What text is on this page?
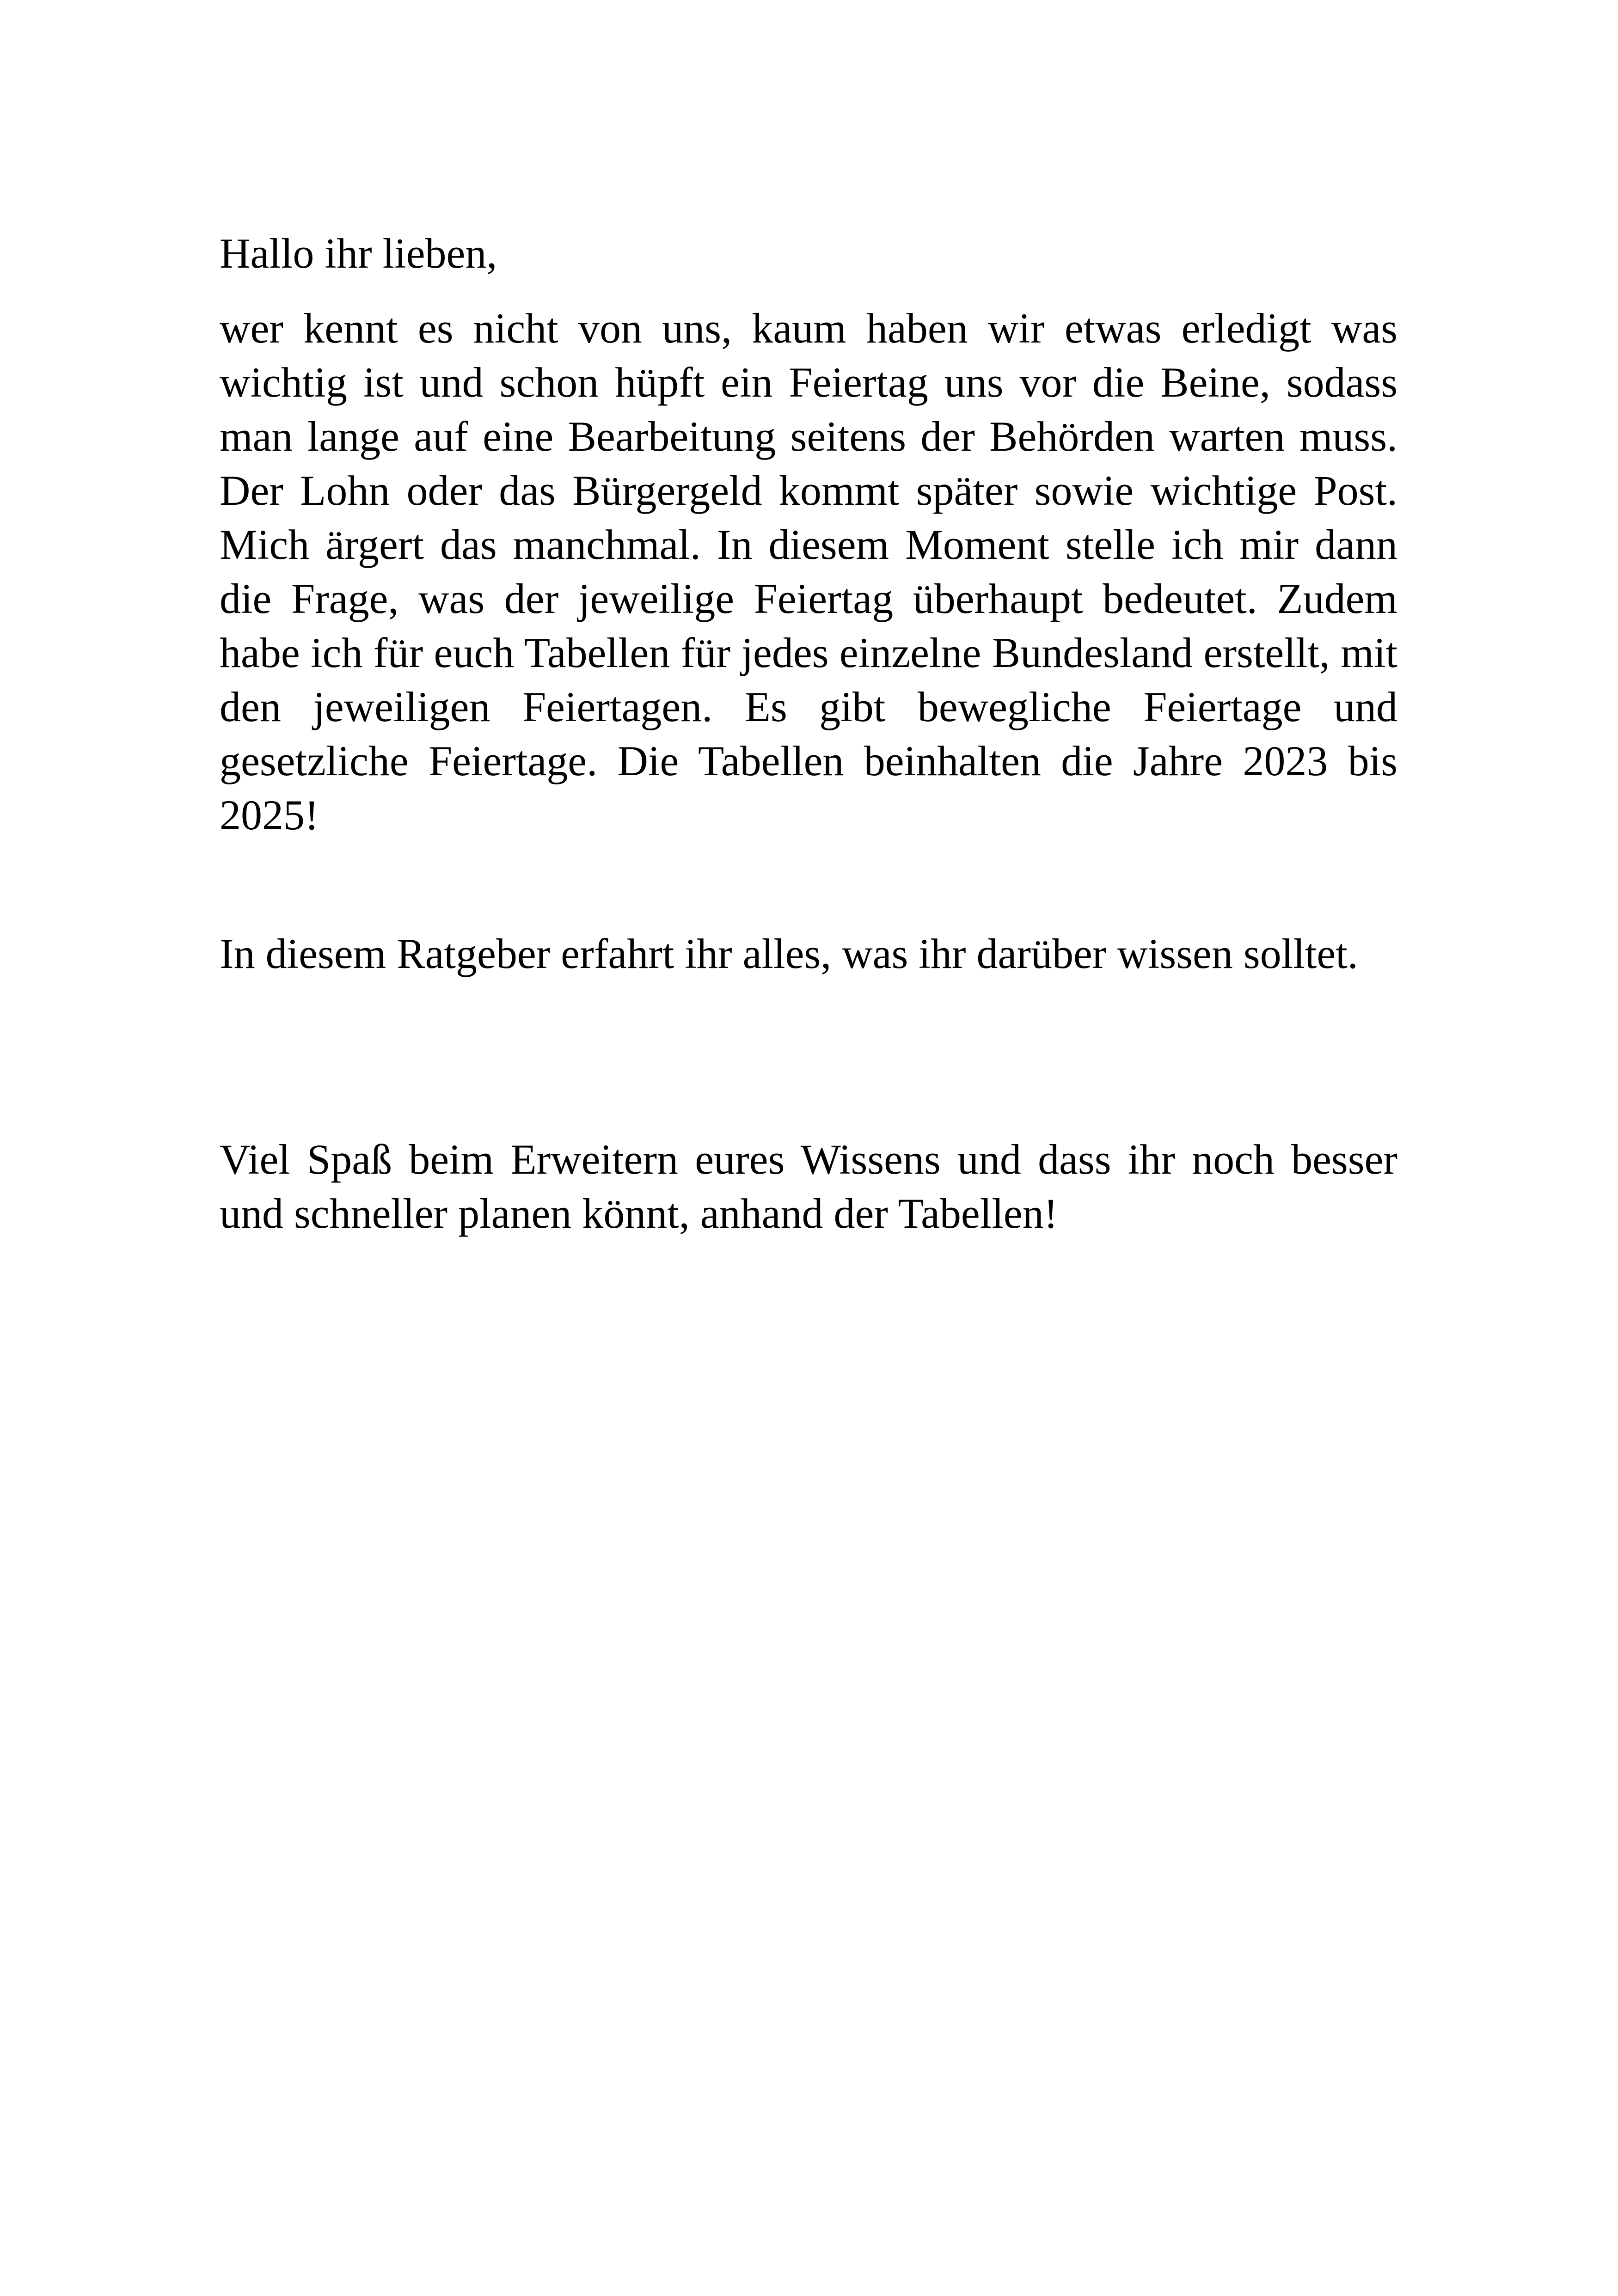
Hallo ihr lieben,

wer kennt es nicht von uns, kaum haben wir etwas erledigt was wichtig ist und schon hüpft ein Feiertag uns vor die Beine, sodass man lange auf eine Bearbeitung seitens der Behörden warten muss. Der Lohn oder das Bürgergeld kommt später sowie wichtige Post. Mich ärgert das manchmal. In diesem Moment stelle ich mir dann die Frage, was der jeweilige Feiertag überhaupt bedeutet. Zudem habe ich für euch Tabellen für jedes einzelne Bundesland erstellt, mit den jeweiligen Feiertagen. Es gibt bewegliche Feiertage und gesetzliche Feiertage. Die Tabellen beinhalten die Jahre 2023 bis 2025!

In diesem Ratgeber erfahrt ihr alles, was ihr darüber wissen solltet.

Viel Spaß beim Erweitern eures Wissens und dass ihr noch besser und schneller planen könnt, anhand der Tabellen!
